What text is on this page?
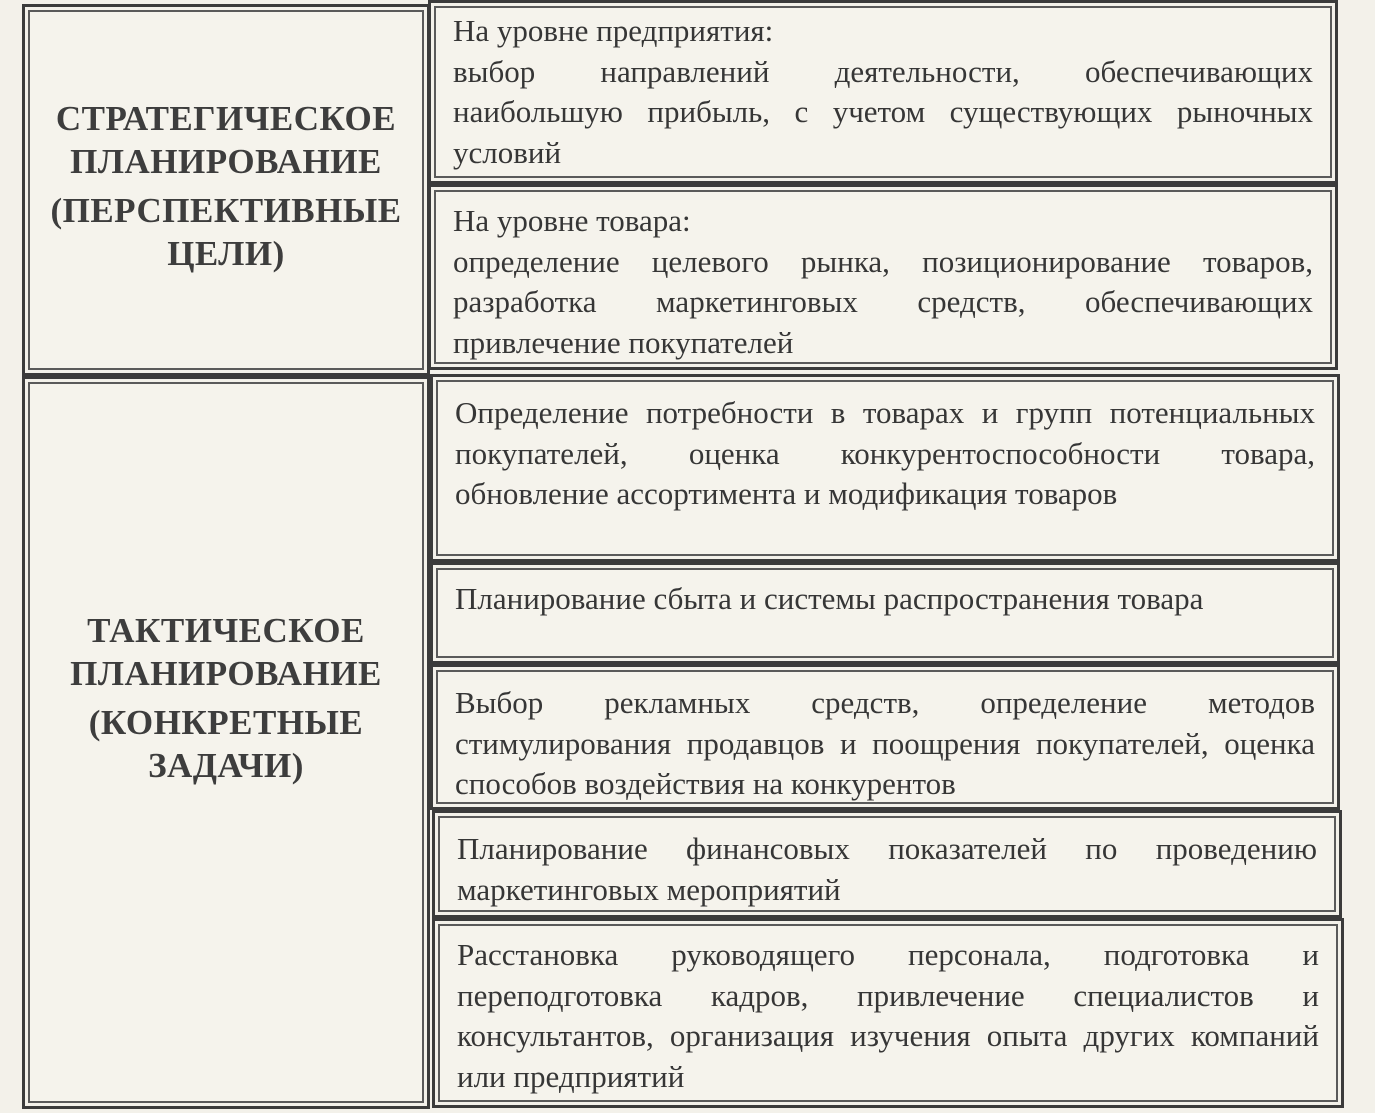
СТРАТЕГИЧЕСКОЕ
ПЛАНИРОВАНИЕ
(ПЕРСПЕКТИВНЫЕ
ЦЕЛИ)
ТАКТИЧЕСКОЕ
ПЛАНИРОВАНИЕ
(КОНКРЕТНЫЕ
ЗАДАЧИ)
На уровне предприятия:
выбор направлений деятельности, обеспечивающих наибольшую прибыль, с учетом существующих рыночных условий
На уровне товара:
определение целевого рынка, позиционирование товаров, разработка маркетинговых средств, обеспечивающих привлечение покупателей
Определение потребности в товарах и групп потенциальных покупателей, оценка конкурентоспособности товара, обновление ассортимента и модификация товаров
Планирование сбыта и системы распространения товара
Выбор рекламных средств, определение методов стимулирования продавцов и поощрения покупателей, оценка способов воздействия на конкурентов
Планирование финансовых показателей по проведению маркетинговых мероприятий
Расстановка руководящего персонала, подготовка и переподготовка кадров, привлечение специалистов и консультантов, организация изучения опыта других компаний или предприятий
